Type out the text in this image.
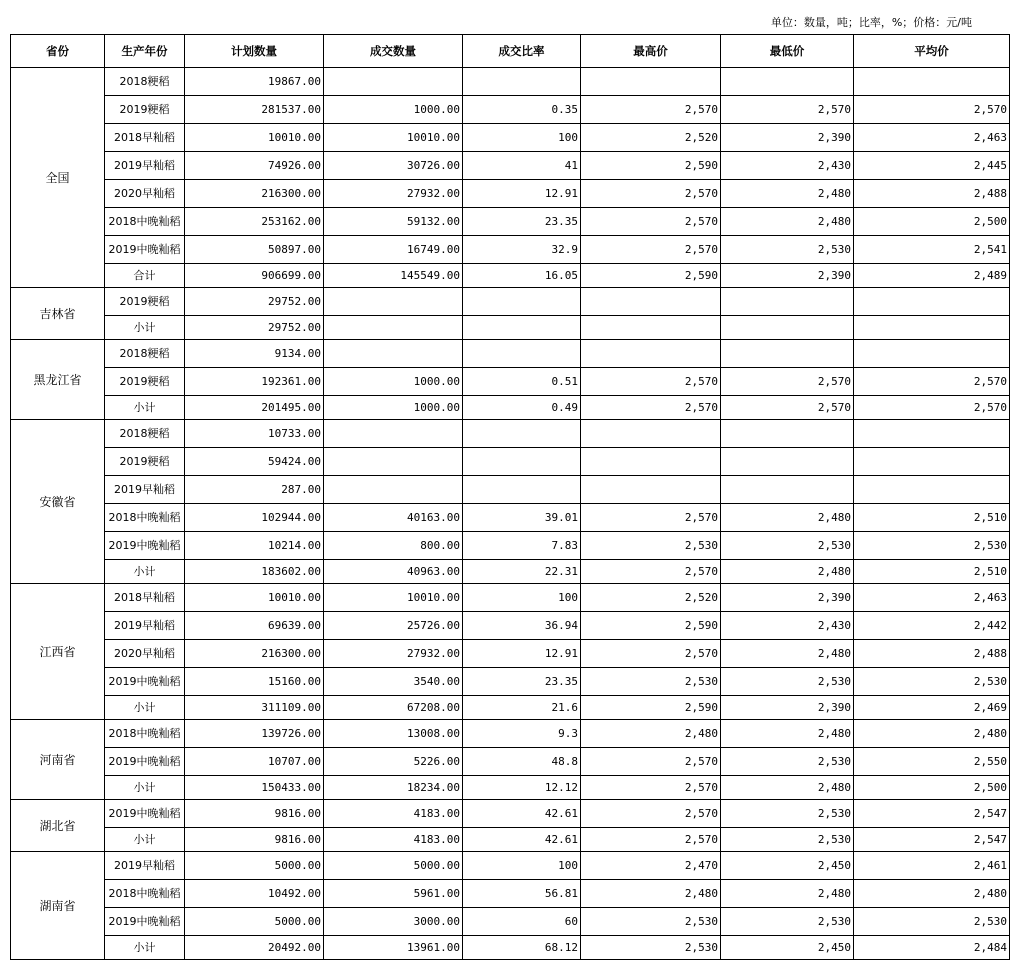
单位：数量，吨；比率，%；价格：元/吨
省份	生产年份	计划数量	成交数量	成交比率	最高价	最低价	平均价
全国	2018粳稻	19867.00					
	2019粳稻	281537.00	1000.00	0.35	2,570	2,570	2,570
	2018早籼稻	10010.00	10010.00	100	2,520	2,390	2,463
	2019早籼稻	74926.00	30726.00	41	2,590	2,430	2,445
	2020早籼稻	216300.00	27932.00	12.91	2,570	2,480	2,488
	2018中晚籼稻	253162.00	59132.00	23.35	2,570	2,480	2,500
	2019中晚籼稻	50897.00	16749.00	32.9	2,570	2,530	2,541
	合计	906699.00	145549.00	16.05	2,590	2,390	2,489
吉林省	2019粳稻	29752.00					
	小计	29752.00					
黑龙江省	2018粳稻	9134.00					
	2019粳稻	192361.00	1000.00	0.51	2,570	2,570	2,570
	小计	201495.00	1000.00	0.49	2,570	2,570	2,570
安徽省	2018粳稻	10733.00					
	2019粳稻	59424.00					
	2019早籼稻	287.00					
	2018中晚籼稻	102944.00	40163.00	39.01	2,570	2,480	2,510
	2019中晚籼稻	10214.00	800.00	7.83	2,530	2,530	2,530
	小计	183602.00	40963.00	22.31	2,570	2,480	2,510
江西省	2018早籼稻	10010.00	10010.00	100	2,520	2,390	2,463
	2019早籼稻	69639.00	25726.00	36.94	2,590	2,430	2,442
	2020早籼稻	216300.00	27932.00	12.91	2,570	2,480	2,488
	2019中晚籼稻	15160.00	3540.00	23.35	2,530	2,530	2,530
	小计	311109.00	67208.00	21.6	2,590	2,390	2,469
河南省	2018中晚籼稻	139726.00	13008.00	9.3	2,480	2,480	2,480
	2019中晚籼稻	10707.00	5226.00	48.8	2,570	2,530	2,550
	小计	150433.00	18234.00	12.12	2,570	2,480	2,500
湖北省	2019中晚籼稻	9816.00	4183.00	42.61	2,570	2,530	2,547
	小计	9816.00	4183.00	42.61	2,570	2,530	2,547
湖南省	2019早籼稻	5000.00	5000.00	100	2,470	2,450	2,461
	2018中晚籼稻	10492.00	5961.00	56.81	2,480	2,480	2,480
	2019中晚籼稻	5000.00	3000.00	60	2,530	2,530	2,530
	小计	20492.00	13961.00	68.12	2,530	2,450	2,484
